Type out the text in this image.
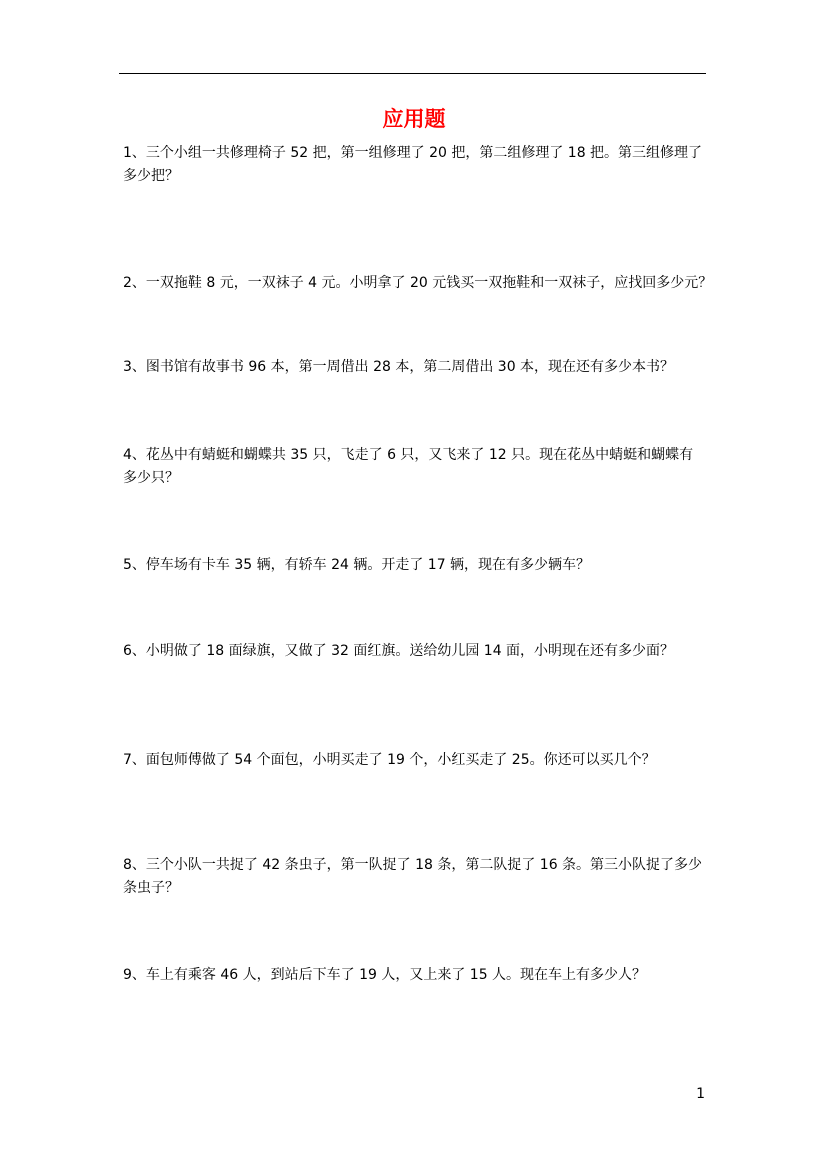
应用题
1、三个小组一共修理椅子 52 把，第一组修理了 20 把，第二组修理了 18 把。第三组修理了
多少把？
2、一双拖鞋 8 元，一双袜子 4 元。小明拿了 20 元钱买一双拖鞋和一双袜子，应找回多少元？
3、图书馆有故事书 96 本，第一周借出 28 本，第二周借出 30 本，现在还有多少本书？
4、花丛中有蜻蜓和蝴蝶共 35 只，飞走了 6 只，又飞来了 12 只。现在花丛中蜻蜓和蝴蝶有
多少只？
5、停车场有卡车 35 辆，有轿车 24 辆。开走了 17 辆，现在有多少辆车？
6、小明做了 18 面绿旗，又做了 32 面红旗。送给幼儿园 14 面，小明现在还有多少面？
7、面包师傅做了 54 个面包，小明买走了 19 个，小红买走了 25。你还可以买几个？
8、三个小队一共捉了 42 条虫子，第一队捉了 18 条，第二队捉了 16 条。第三小队捉了多少
条虫子？
9、车上有乘客 46 人，到站后下车了 19 人，又上来了 15 人。现在车上有多少人？
1
